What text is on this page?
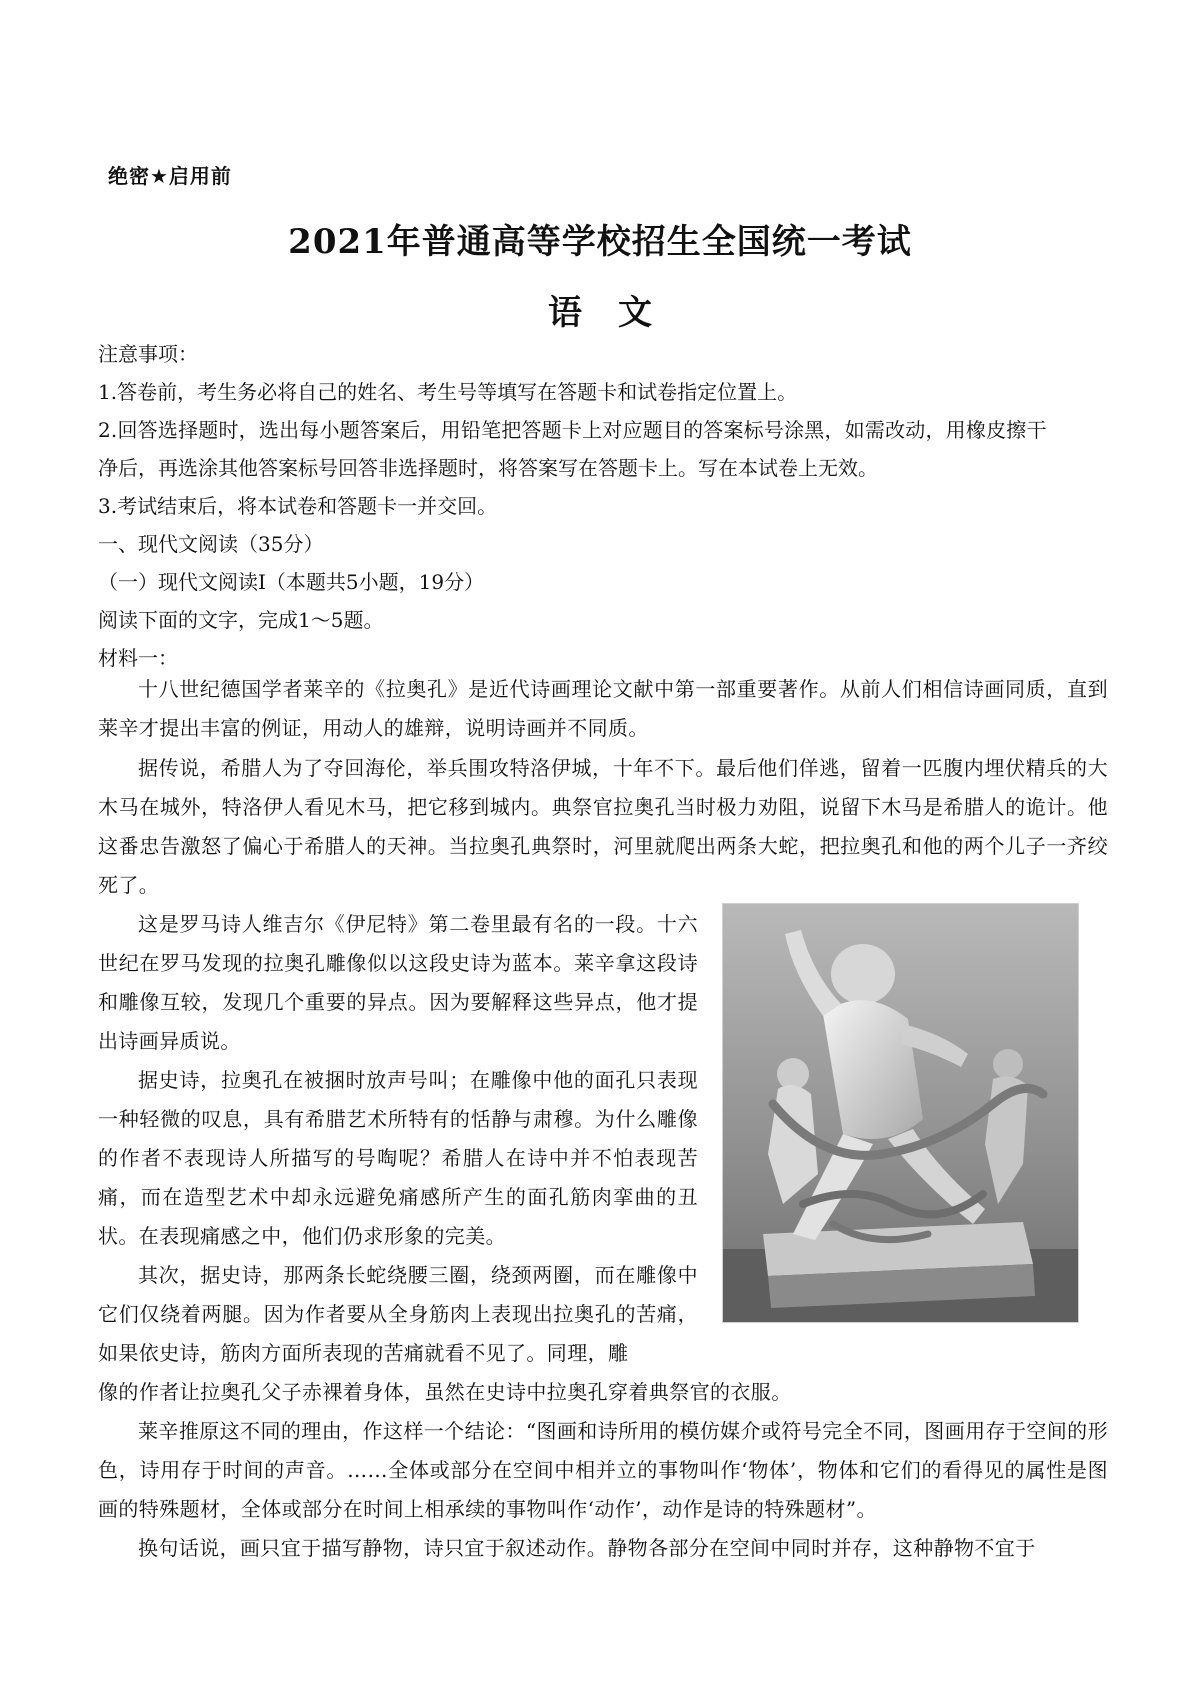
绝密★启用前
2021年普通高等学校招生全国统一考试
语文
注意事项：
1.答卷前，考生务必将自己的姓名、考生号等填写在答题卡和试卷指定位置上。
2.回答选择题时，选出每小题答案后，用铅笔把答题卡上对应题目的答案标号涂黑，如需改动，用橡皮擦干
净后，再选涂其他答案标号回答非选择题时，将答案写在答题卡上。写在本试卷上无效。
3.考试结束后，将本试卷和答题卡一并交回。
一、现代文阅读（35分）
（一）现代文阅读Ⅰ（本题共5小题，19分）
阅读下面的文字，完成1～5题。
材料一：

十八世纪德国学者莱辛的《拉奥孔》是近代诗画理论文献中第一部重要著作。从前人们相信诗画同质，直到莱辛才提出丰富的例证，用动人的雄辩，说明诗画并不同质。

据传说，希腊人为了夺回海伦，举兵围攻特洛伊城，十年不下。最后他们佯逃，留着一匹腹内埋伏精兵的大木马在城外，特洛伊人看见木马，把它移到城内。典祭官拉奥孔当时极力劝阻，说留下木马是希腊人的诡计。他这番忠告激怒了偏心于希腊人的天神。当拉奥孔典祭时，河里就爬出两条大蛇，把拉奥孔和他的两个儿子一齐绞死了。

这是罗马诗人维吉尔《伊尼特》第二卷里最有名的一段。十六世纪在罗马发现的拉奥孔雕像似以这段史诗为蓝本。莱辛拿这段诗和雕像互较，发现几个重要的异点。因为要解释这些异点，他才提出诗画异质说。

据史诗，拉奥孔在被捆时放声号叫；在雕像中他的面孔只表现一种轻微的叹息，具有希腊艺术所特有的恬静与肃穆。为什么雕像的作者不表现诗人所描写的号啕呢？希腊人在诗中并不怕表现苦痛，而在造型艺术中却永远避免痛感所产生的面孔筋肉挛曲的丑状。在表现痛感之中，他们仍求形象的完美。

其次，据史诗，那两条长蛇绕腰三圈，绕颈两圈，而在雕像中它们仅绕着两腿。因为作者要从全身筋肉上表现出拉奥孔的苦痛，如果依史诗，筋肉方面所表现的苦痛就看不见了。同理，雕

像的作者让拉奥孔父子赤裸着身体，虽然在史诗中拉奥孔穿着典祭官的衣服。

莱辛推原这不同的理由，作这样一个结论：“图画和诗所用的模仿媒介或符号完全不同，图画用存于空间的形色，诗用存于时间的声音。……全体或部分在空间中相并立的事物叫作‘物体’，物体和它们的看得见的属性是图画的特殊题材，全体或部分在时间上相承续的事物叫作‘动作’，动作是诗的特殊题材”。

换句话说，画只宜于描写静物，诗只宜于叙述动作。静物各部分在空间中同时并存，这种静物不宜于
